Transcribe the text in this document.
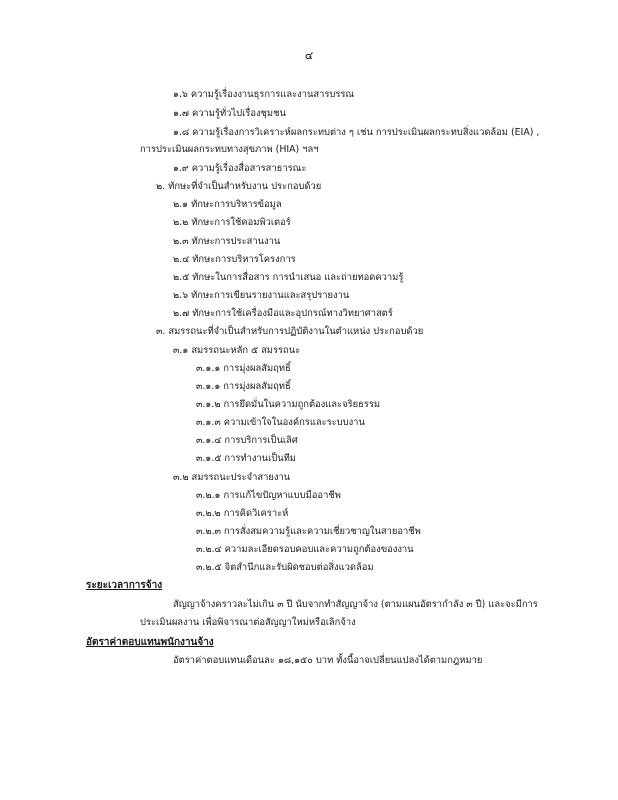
๔
๑.๖ ความรู้เรื่องงานธุรการและงานสารบรรณ
๑.๗ ความรู้ทั่วไปเรื่องชุมชน
๑.๘ ความรู้เรื่องการวิเคราะห์ผลกระทบต่าง ๆ เช่น การประเมินผลกระทบสิ่งแวดล้อม (EIA) ,
การประเมินผลกระทบทางสุขภาพ (HIA) ฯลฯ
๑.๙ ความรู้เรื่องสื่อสารสาธารณะ
๒. ทักษะที่จำเป็นสำหรับงาน ประกอบด้วย
๒.๑ ทักษะการบริหารข้อมูล
๒.๒ ทักษะการใช้คอมพิวเตอร์
๒.๓ ทักษะการประสานงาน
๒.๔ ทักษะการบริหารโครงการ
๒.๕ ทักษะในการสื่อสาร การนำเสนอ และถ่ายทอดความรู้
๒.๖ ทักษะการเขียนรายงานและสรุปรายงาน
๒.๗ ทักษะการใช้เครื่องมือและอุปกรณ์ทางวิทยาศาสตร์
๓. สมรรถนะที่จำเป็นสำหรับการปฏิบัติงานในตำแหน่ง ประกอบด้วย
๓.๑ สมรรถนะหลัก ๕ สมรรถนะ
๓.๑.๑ การมุ่งผลสัมฤทธิ์
๓.๑.๑ การมุ่งผลสัมฤทธิ์
๓.๑.๒ การยึดมั่นในความถูกต้องและจริยธรรม
๓.๑.๓ ความเข้าใจในองค์กรและระบบงาน
๓.๑.๔ การบริการเป็นเลิศ
๓.๑.๕ การทำงานเป็นทีม
๓.๒ สมรรถนะประจำสายงาน
๓.๒.๑ การแก้ไขปัญหาแบบมืออาชีพ
๓.๒.๒ การคิดวิเคราะห์
๓.๒.๓ การสั่งสมความรู้และความเชี่ยวชาญในสายอาชีพ
๓.๒.๔ ความละเอียดรอบคอบและความถูกต้องของงาน
๓.๒.๕ จิตสำนึกและรับผิดชอบต่อสิ่งแวดล้อม
ระยะเวลาการจ้าง
สัญญาจ้างคราวละไม่เกิน ๓ ปี นับจากทำสัญญาจ้าง (ตามแผนอัตรากำลัง ๓ ปี) และจะมีการ
ประเมินผลงาน เพื่อพิจารณาต่อสัญญาใหม่หรือเลิกจ้าง
อัตราค่าตอบแทนพนักงานจ้าง
อัตราค่าตอบแทนเดือนละ ๑๘,๑๕๐ บาท ทั้งนี้อาจเปลี่ยนแปลงได้ตามกฎหมาย
